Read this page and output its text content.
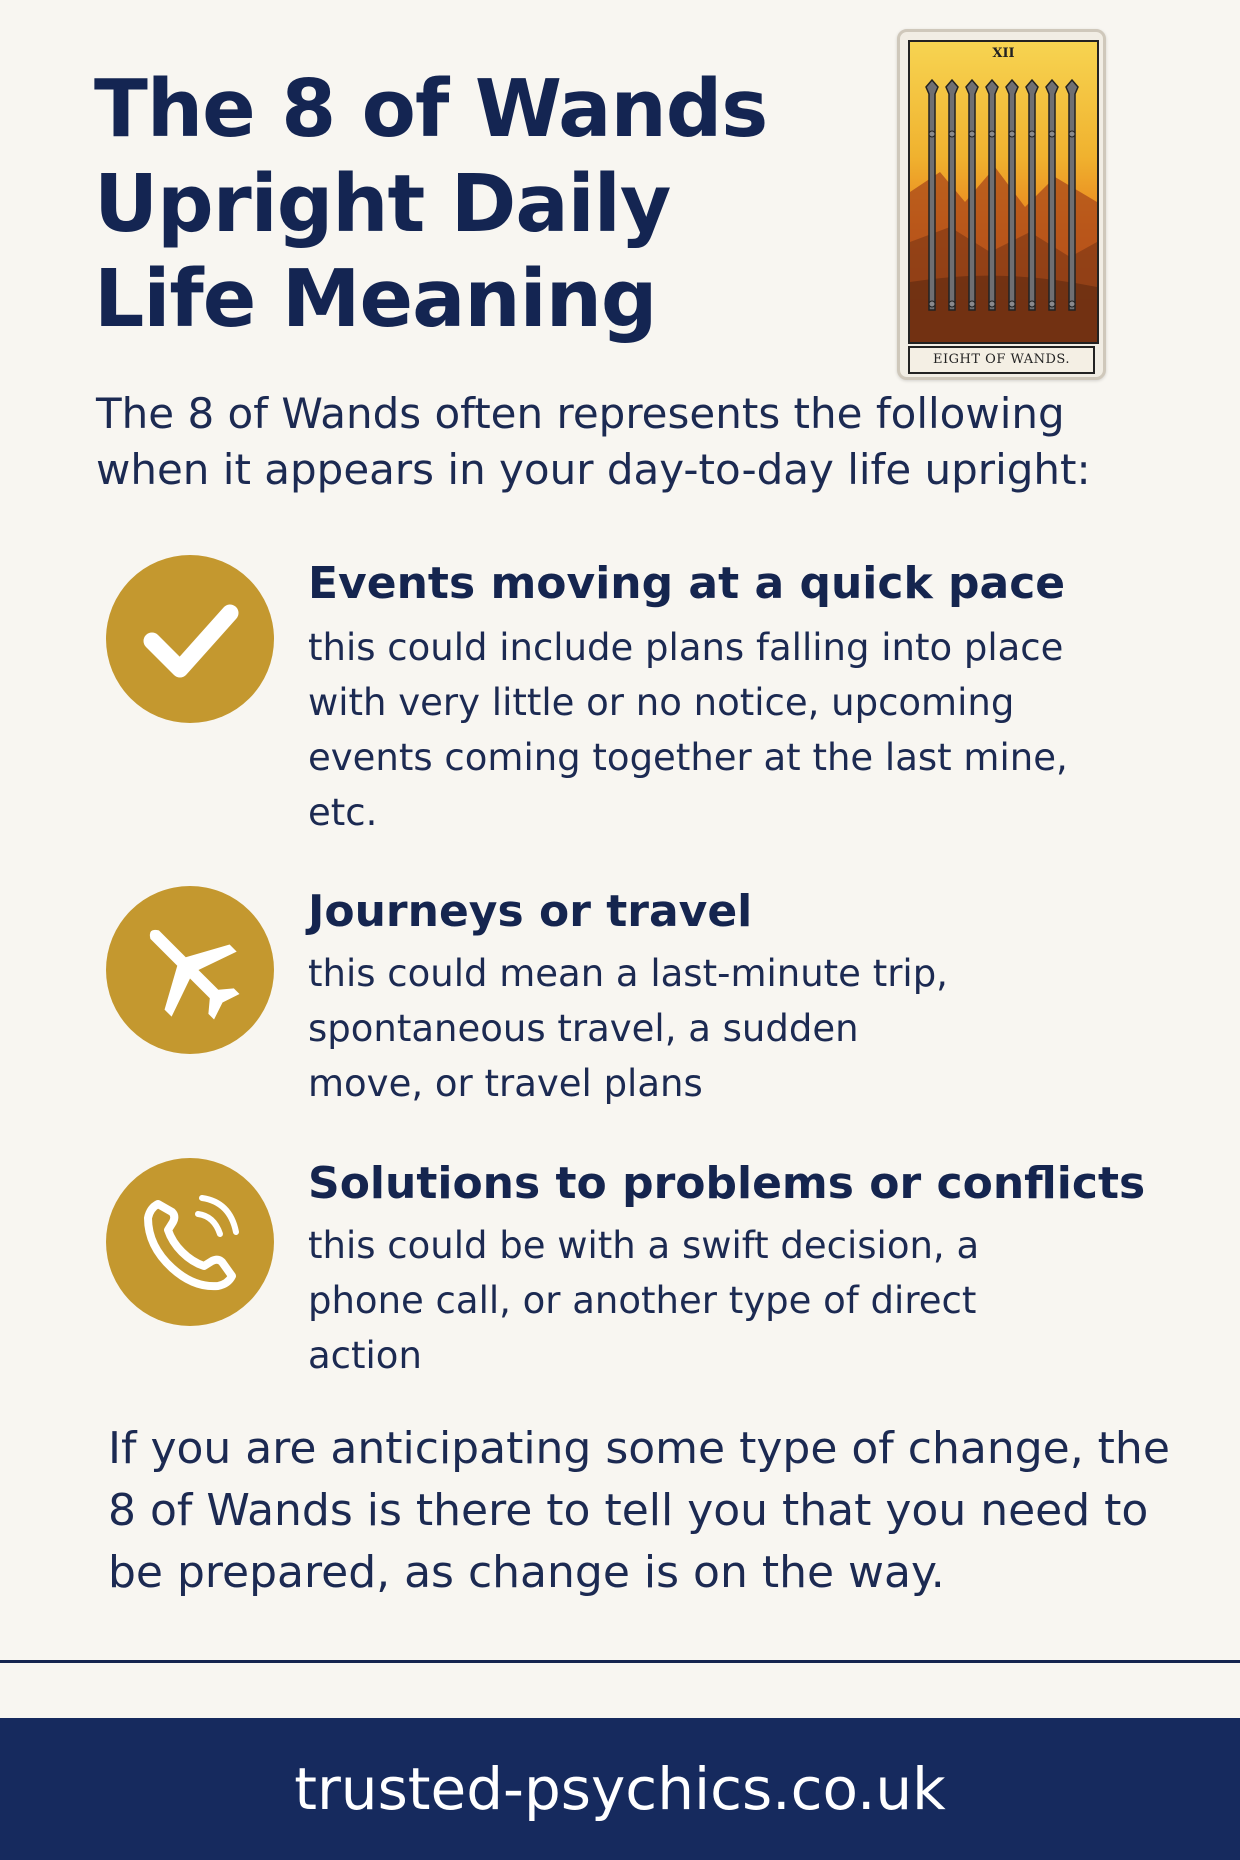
The 8 of Wands Upright Daily Life Meaning
XII
EIGHT OF WANDS.

The 8 of Wands often represents the following when it appears in your day-to-day life upright:

Events moving at a quick pace

this could include plans falling into place with very little or no notice, upcoming events coming together at the last mine, etc.

Journeys or travel

this could mean a last-minute trip, spontaneous travel, a sudden move, or travel plans

Solutions to problems or conflicts

this could be with a swift decision, a phone call, or another type of direct action

If you are anticipating some type of change, the 8 of Wands is there to tell you that you need to be prepared, as change is on the way.

trusted-psychics.co.uk
